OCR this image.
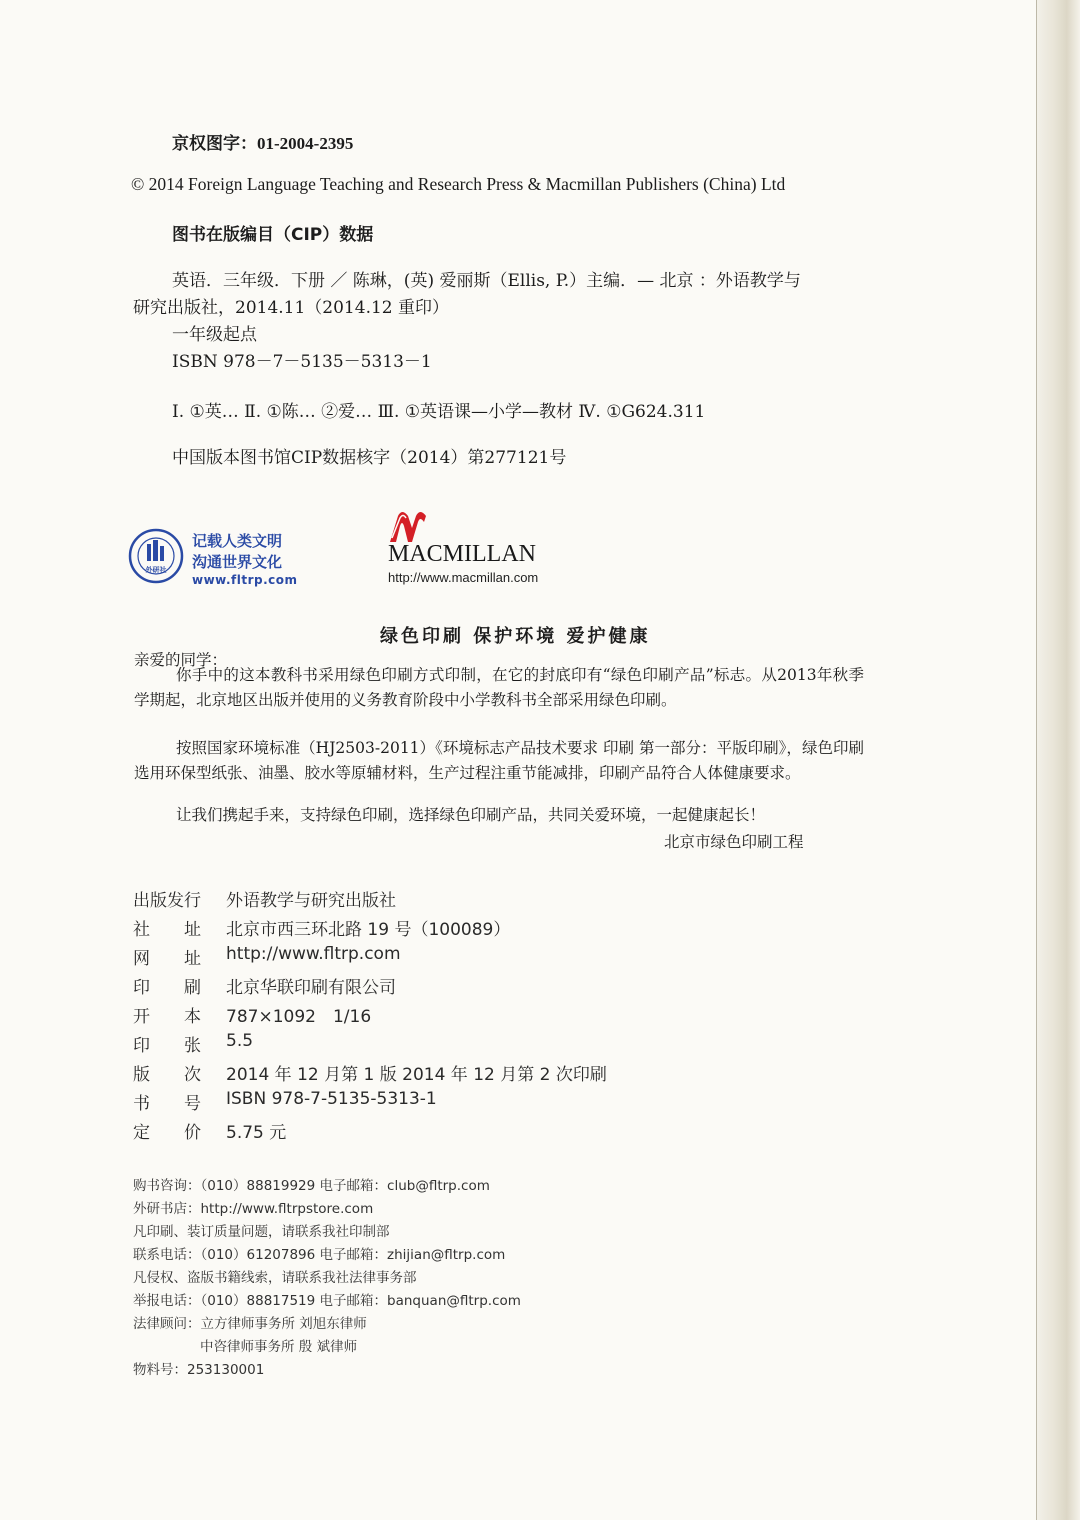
京权图字：01-2004-2395
© 2014 Foreign Language Teaching and Research Press & Macmillan Publishers (China) Ltd
图书在版编目（CIP）数据
英语．三年级．下册 ／ 陈琳，(英) 爱丽斯（Ellis, P.）主编．— 北京 ：外语教学与
研究出版社，2014.11（2014.12 重印）
一年级起点
ISBN 978－7－5135－5313－1
Ⅰ. ①英… Ⅱ. ①陈… ②爱… Ⅲ. ①英语课—小学—教材 Ⅳ. ①G624.311
中国版本图书馆CIP数据核字（2014）第277121号
外研社
记载人类文明
沟通世界文化
www.fltrp.com
MACMILLAN
http://www.macmillan.com
绿色印刷 保护环境 爱护健康
亲爱的同学：
你手中的这本教科书采用绿色印刷方式印制，在它的封底印有“绿色印刷产品”标志。从2013年秋季学期起，北京地区出版并使用的义务教育阶段中小学教科书全部采用绿色印刷。
按照国家环境标准（HJ2503-2011）《环境标志产品技术要求 印刷 第一部分：平版印刷》，绿色印刷选用环保型纸张、油墨、胶水等原辅材料，生产过程注重节能减排，印刷产品符合人体健康要求。
让我们携起手来，支持绿色印刷，选择绿色印刷产品，共同关爱环境，一起健康起长！
北京市绿色印刷工程
出版发行 外语教学与研究出版社
社　　址 北京市西三环北路 19 号（100089）
网　　址 http://www.fltrp.com
印　　刷 北京华联印刷有限公司
开　　本 787×1092　1/16
印　　张 5.5
版　　次 2014 年 12 月第 1 版 2014 年 12 月第 2 次印刷
书　　号 ISBN 978-7-5135-5313-1
定　　价 5.75 元
购书咨询：（010）88819929 电子邮箱：club@fltrp.com
外研书店：http://www.fltrpstore.com
凡印刷、装订质量问题，请联系我社印制部
联系电话：（010）61207896 电子邮箱：zhijian@fltrp.com
凡侵权、盗版书籍线索，请联系我社法律事务部
举报电话：（010）88817519 电子邮箱：banquan@fltrp.com
法律顾问：立方律师事务所 刘旭东律师
中咨律师事务所 殷 斌律师
物料号：253130001
